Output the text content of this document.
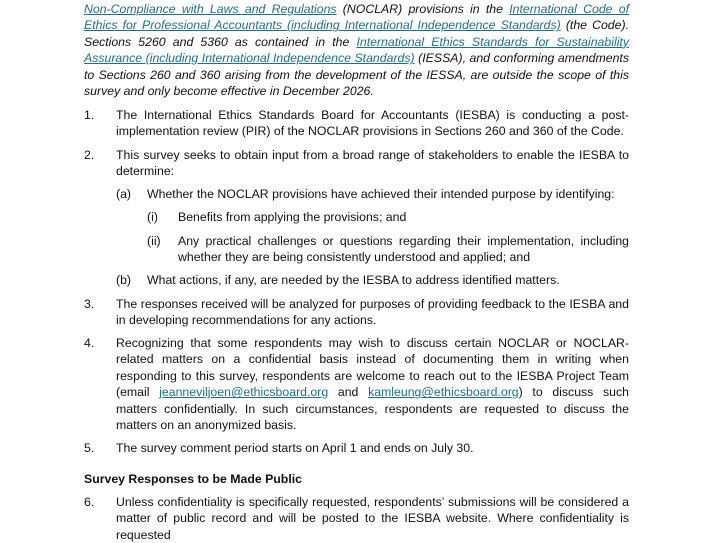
Non-Compliance with Laws and Regulations (NOCLAR) provisions in the International Code of Ethics for Professional Accountants (including International Independence Standards) (the Code). Sections 5260 and 5360 as contained in the International Ethics Standards for Sustainability Assurance (including International Independence Standards) (IESSA), and conforming amendments to Sections 260 and 360 arising from the development of the IESSA, are outside the scope of this survey and only become effective in December 2026.
1. The International Ethics Standards Board for Accountants (IESBA) is conducting a post-implementation review (PIR) of the NOCLAR provisions in Sections 260 and 360 of the Code.
2. This survey seeks to obtain input from a broad range of stakeholders to enable the IESBA to determine:
(a) Whether the NOCLAR provisions have achieved their intended purpose by identifying:
(i) Benefits from applying the provisions; and
(ii) Any practical challenges or questions regarding their implementation, including whether they are being consistently understood and applied; and
(b) What actions, if any, are needed by the IESBA to address identified matters.
3. The responses received will be analyzed for purposes of providing feedback to the IESBA and in developing recommendations for any actions.
4. Recognizing that some respondents may wish to discuss certain NOCLAR or NOCLAR-related matters on a confidential basis instead of documenting them in writing when responding to this survey, respondents are welcome to reach out to the IESBA Project Team (email jeanneviljoen@ethicsboard.org and kamleung@ethicsboard.org) to discuss such matters confidentially. In such circumstances, respondents are requested to discuss the matters on an anonymized basis.
5. The survey comment period starts on April 1 and ends on July 30.
Survey Responses to be Made Public
6. Unless confidentiality is specifically requested, respondents’ submissions will be considered a matter of public record and will be posted to the IESBA website. Where confidentiality is requested
